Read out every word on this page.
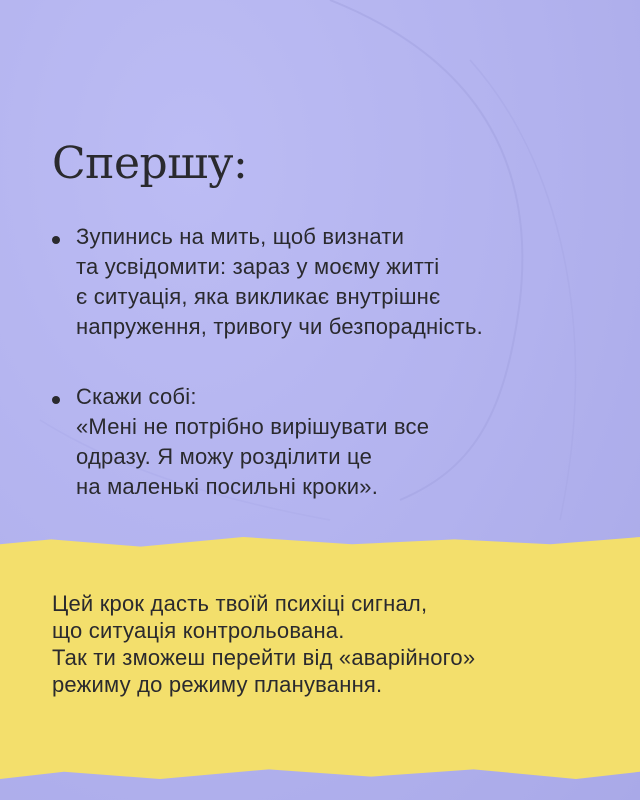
Спершу:
Зупинись на мить, щоб визнати
та усвідомити: зараз у моєму житті
є ситуація, яка викликає внутрішнє
напруження, тривогу чи безпорадність.
Скажи собі:
«Мені не потрібно вирішувати все
одразу. Я можу розділити це
на маленькі посильні кроки».
Цей крок дасть твоїй психіці сигнал,
що ситуація контрольована.
Так ти зможеш перейти від «аварійного»
режиму до режиму планування.
